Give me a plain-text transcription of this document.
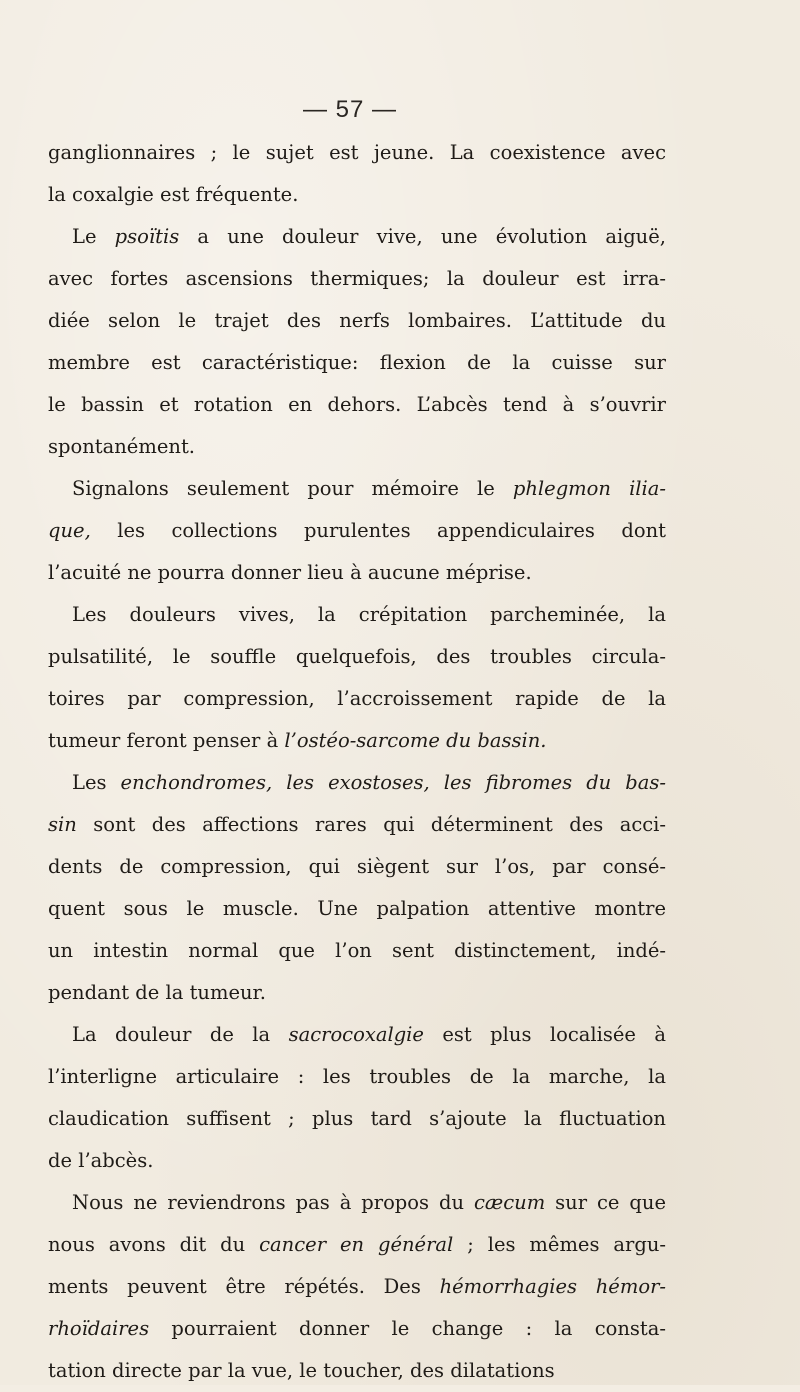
— 57 —
ganglionnaires ; le sujet est jeune. La coexistence avec
la coxalgie est fréquente.
Le psoïtis a une douleur vive, une évolution aiguë,
avec fortes ascensions thermiques; la douleur est irra-
diée selon le trajet des nerfs lombaires. L’attitude du
membre est caractéristique: flexion de la cuisse sur
le bassin et rotation en dehors. L’abcès tend à s’ouvrir
spontanément.
Signalons seulement pour mémoire le phlegmon ilia-
que, les collections purulentes appendiculaires dont
l’acuité ne pourra donner lieu à aucune méprise.
Les douleurs vives, la crépitation parcheminée, la
pulsatilité, le souffle quelquefois, des troubles circula-
toires par compression, l’accroissement rapide de la
tumeur feront penser à l’ostéo-sarcome du bassin.
Les enchondromes, les exostoses, les fibromes du bas-
sin sont des affections rares qui déterminent des acci-
dents de compression, qui siègent sur l’os, par consé-
quent sous le muscle. Une palpation attentive montre
un intestin normal que l’on sent distinctement, indé-
pendant de la tumeur.
La douleur de la sacrocoxalgie est plus localisée à
l’interligne articulaire : les troubles de la marche, la
claudication suffisent ; plus tard s’ajoute la fluctuation
de l’abcès.
Nous ne reviendrons pas à propos du cæcum sur ce que
nous avons dit du cancer en général ; les mêmes argu-
ments peuvent être répétés. Des hémorrhagies hémor-
rhoïdaires pourraient donner le change : la consta-
tation directe par la vue, le toucher, des dilatations
